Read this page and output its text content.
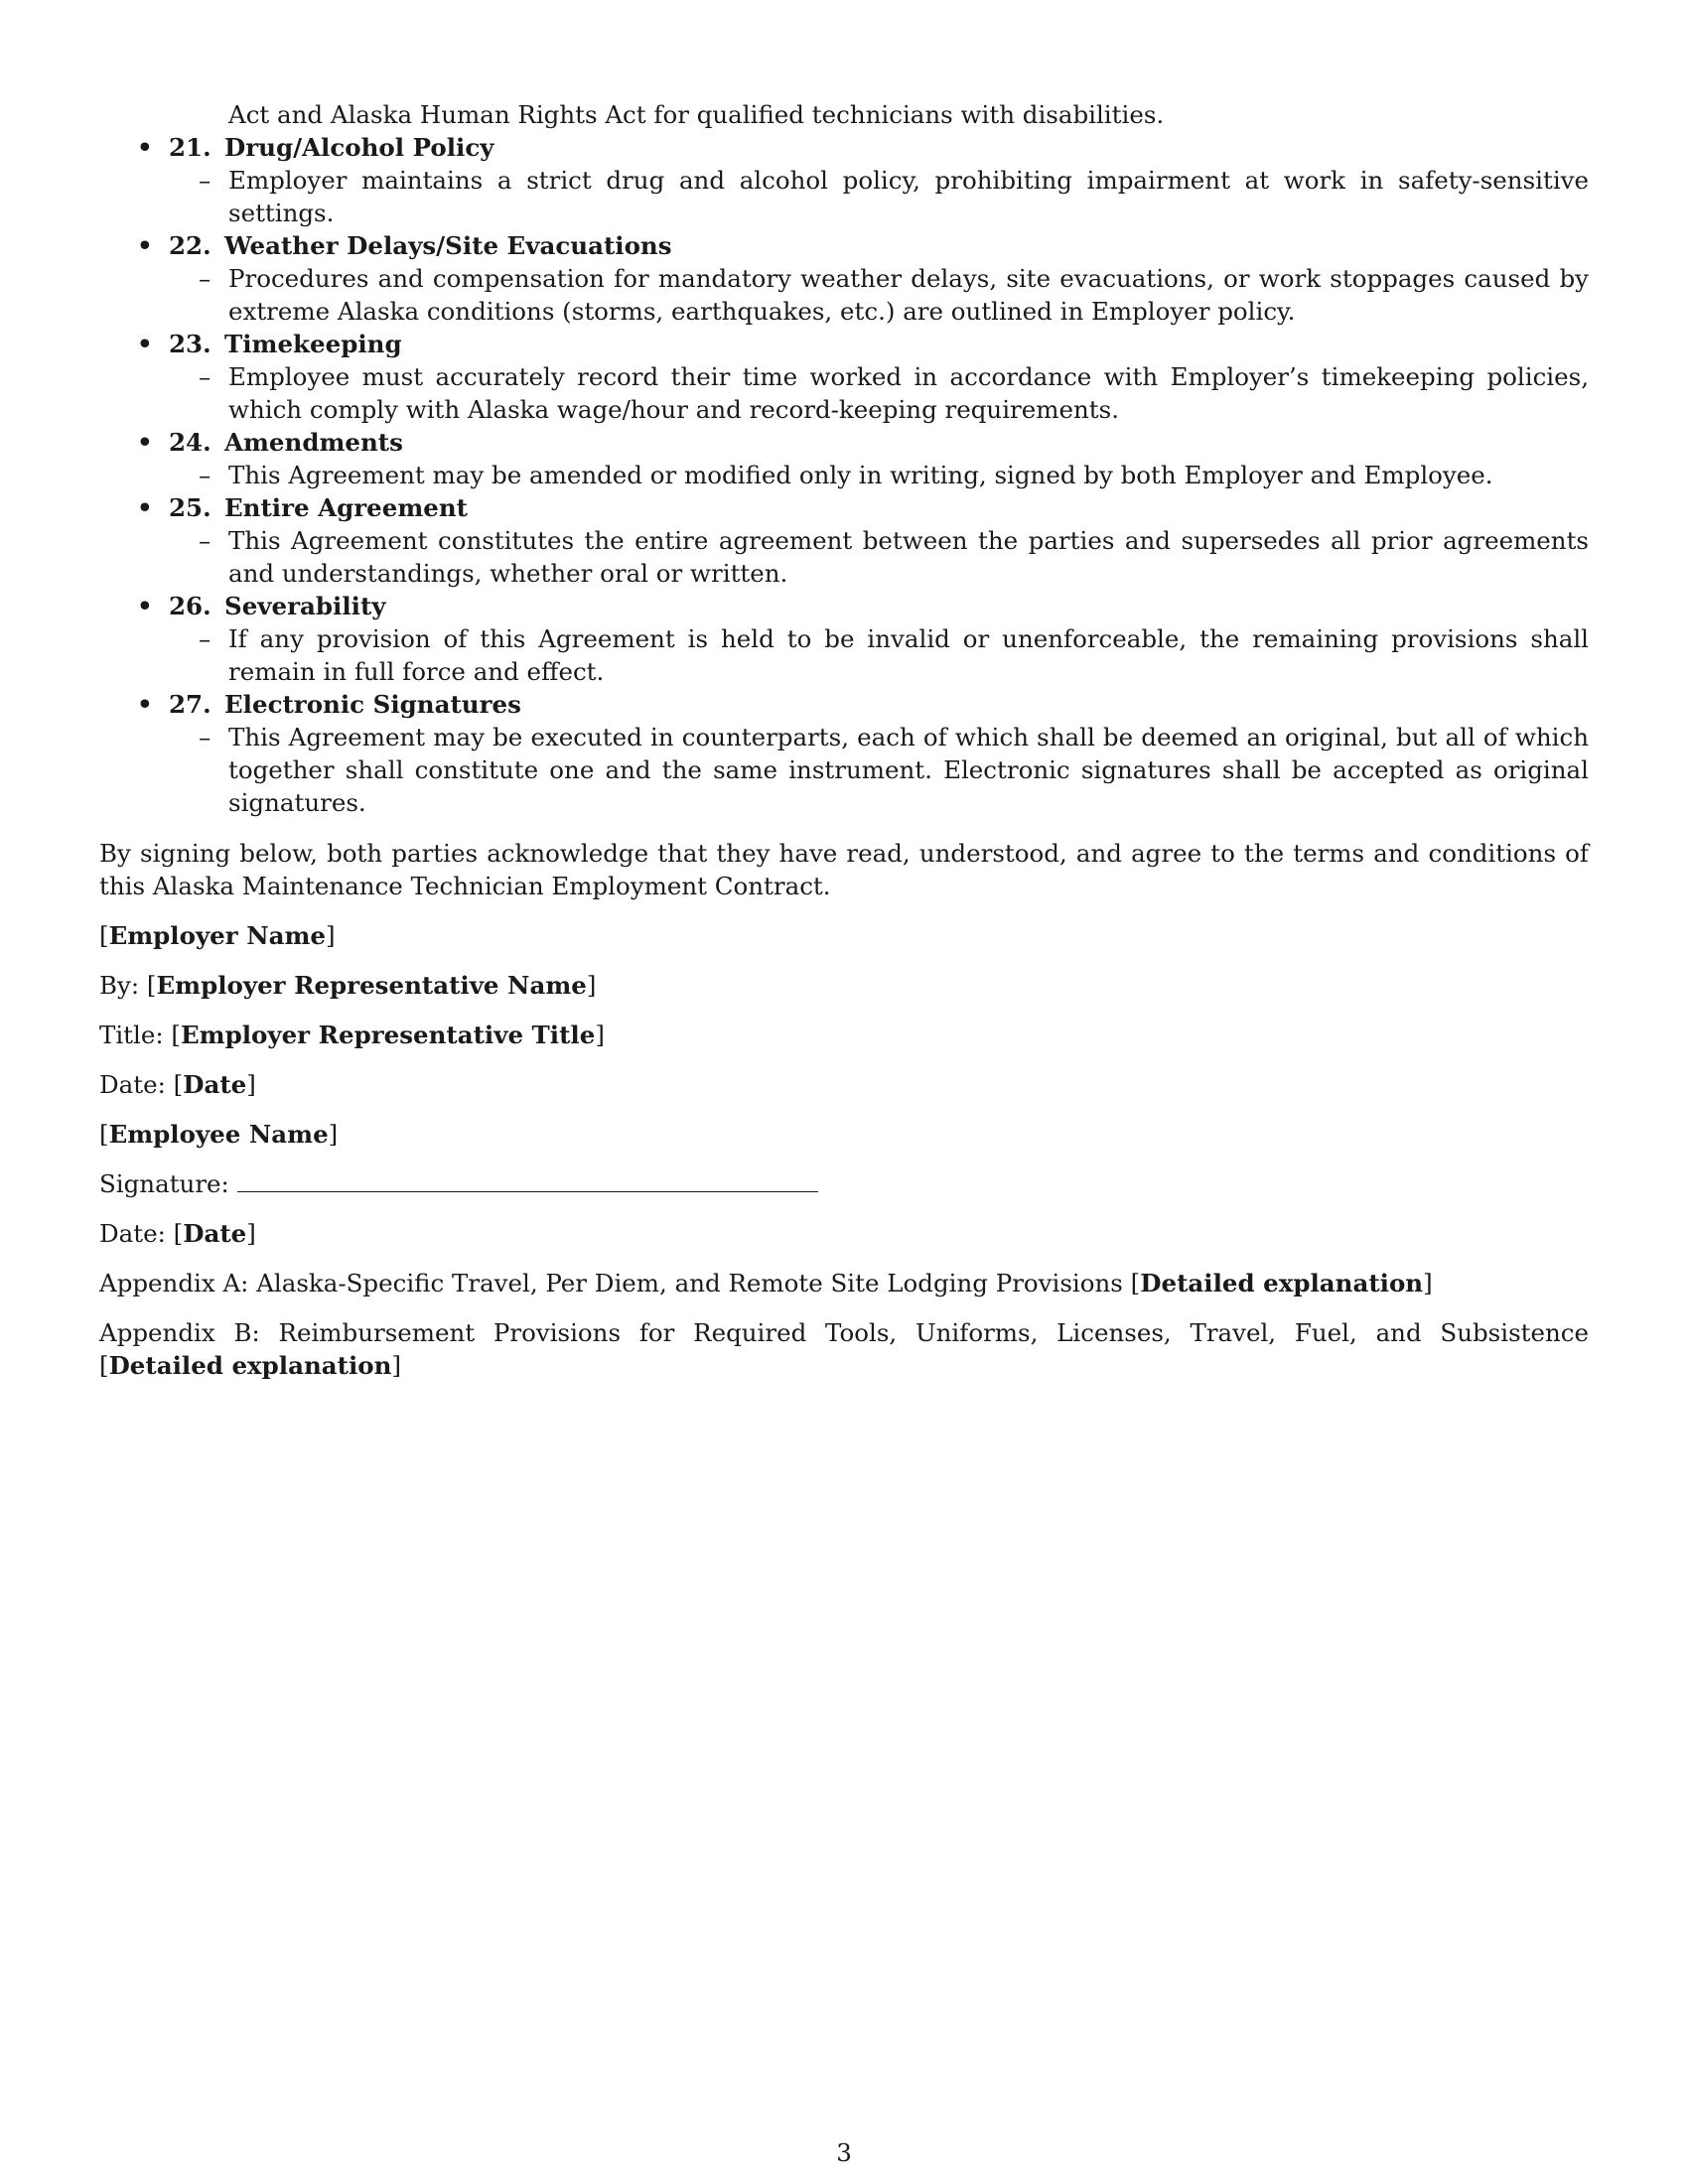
Act and Alaska Human Rights Act for qualified technicians with disabilities.

• 21. Drug/Alcohol Policy

– Employer maintains a strict drug and alcohol policy, prohibiting impairment at work in safety-sensitive settings.

• 22. Weather Delays/Site Evacuations

– Procedures and compensation for mandatory weather delays, site evacuations, or work stoppages caused by extreme Alaska conditions (storms, earthquakes, etc.) are outlined in Employer policy.

• 23. Timekeeping

– Employee must accurately record their time worked in accordance with Employer’s timekeeping policies, which comply with Alaska wage/hour and record-keeping requirements.

• 24. Amendments

– This Agreement may be amended or modified only in writing, signed by both Employer and Employee.

• 25. Entire Agreement

– This Agreement constitutes the entire agreement between the parties and supersedes all prior agreements and understandings, whether oral or written.

• 26. Severability

– If any provision of this Agreement is held to be invalid or unenforceable, the remaining provisions shall remain in full force and effect.

• 27. Electronic Signatures

– This Agreement may be executed in counterparts, each of which shall be deemed an original, but all of which together shall constitute one and the same instrument. Electronic signatures shall be accepted as original signatures.

By signing below, both parties acknowledge that they have read, understood, and agree to the terms and conditions of this Alaska Maintenance Technician Employment Contract.

[Employer Name]

By: [Employer Representative Name]

Title: [Employer Representative Title]

Date: [Date]

[Employee Name]

Signature:

Date: [Date]

Appendix A: Alaska-Specific Travel, Per Diem, and Remote Site Lodging Provisions [Detailed explanation]

Appendix B: Reimbursement Provisions for Required Tools, Uniforms, Licenses, Travel, Fuel, and Subsistence [Detailed explanation]

3
